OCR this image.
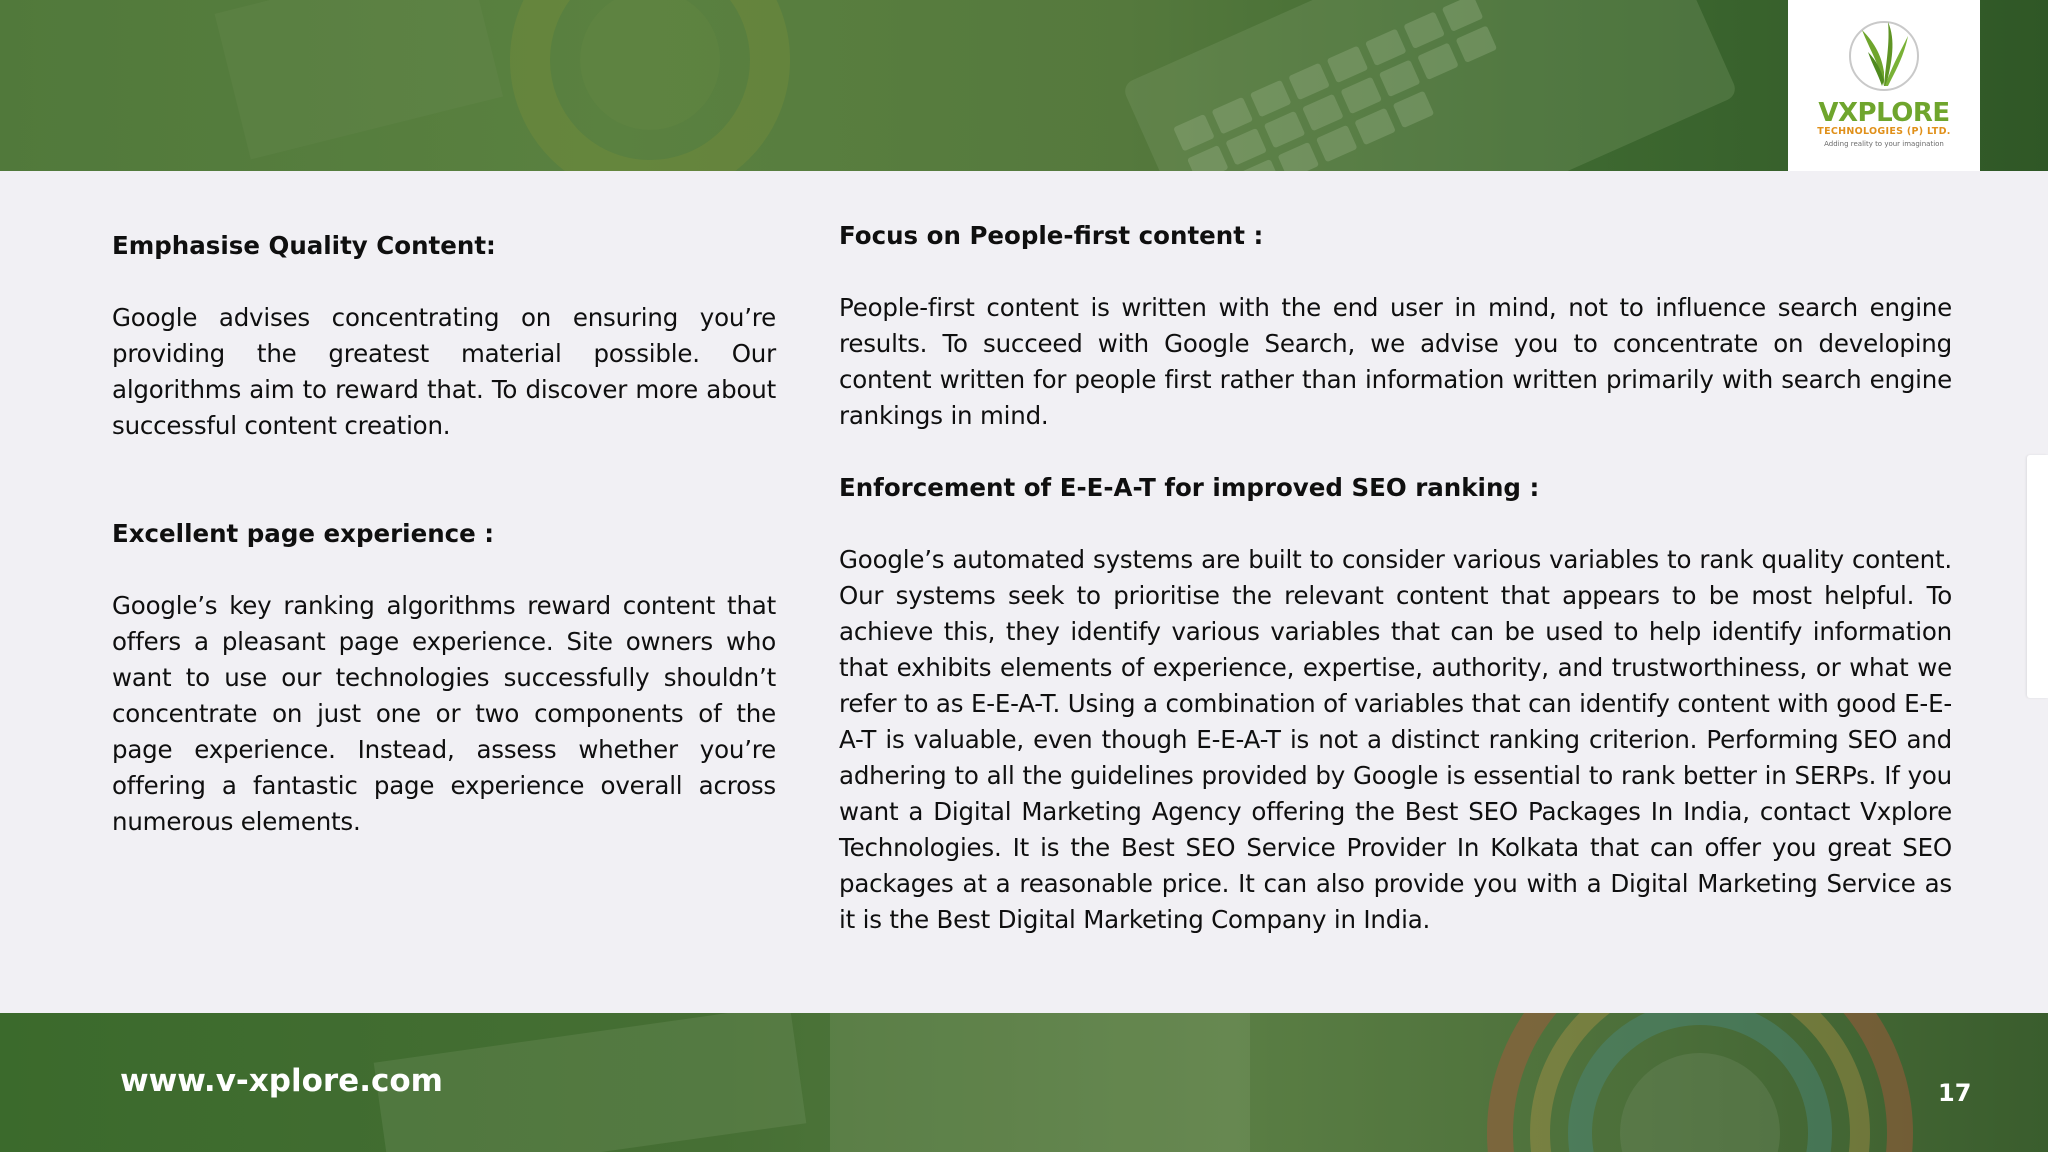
VXPLORE
TECHNOLOGIES (P) LTD.
Adding reality to your imagination

Emphasise Quality Content:

Google advises concentrating on ensuring you’re providing the greatest material possible. Our algorithms aim to reward that. To discover more about successful content creation.

Excellent page experience :

Google’s key ranking algorithms reward content that offers a pleasant page experience. Site owners who want to use our technologies successfully shouldn’t concentrate on just one or two components of the page experience. Instead, assess whether you’re offering a fantastic page experience overall across numerous elements.

Focus on People-first content :

People-first content is written with the end user in mind, not to influence search engine results. To succeed with Google Search, we advise you to concentrate on developing content written for people first rather than information written primarily with search engine rankings in mind.

Enforcement of E-E-A-T for improved SEO ranking :

Google’s automated systems are built to consider various variables to rank quality content. Our systems seek to prioritise the relevant content that appears to be most helpful. To achieve this, they identify various variables that can be used to help identify information that exhibits elements of experience, expertise, authority, and trustworthiness, or what we refer to as E-E-A-T. Using a combination of variables that can identify content with good E-E-A-T is valuable, even though E-E-A-T is not a distinct ranking criterion. Performing SEO and adhering to all the guidelines provided by Google is essential to rank better in SERPs. If you want a Digital Marketing Agency offering the Best SEO Packages In India, contact Vxplore Technologies. It is the Best SEO Service Provider In Kolkata that can offer you great SEO packages at a reasonable price. It can also provide you with a Digital Marketing Service as it is the Best Digital Marketing Company in India.

www.v-xplore.com	17
